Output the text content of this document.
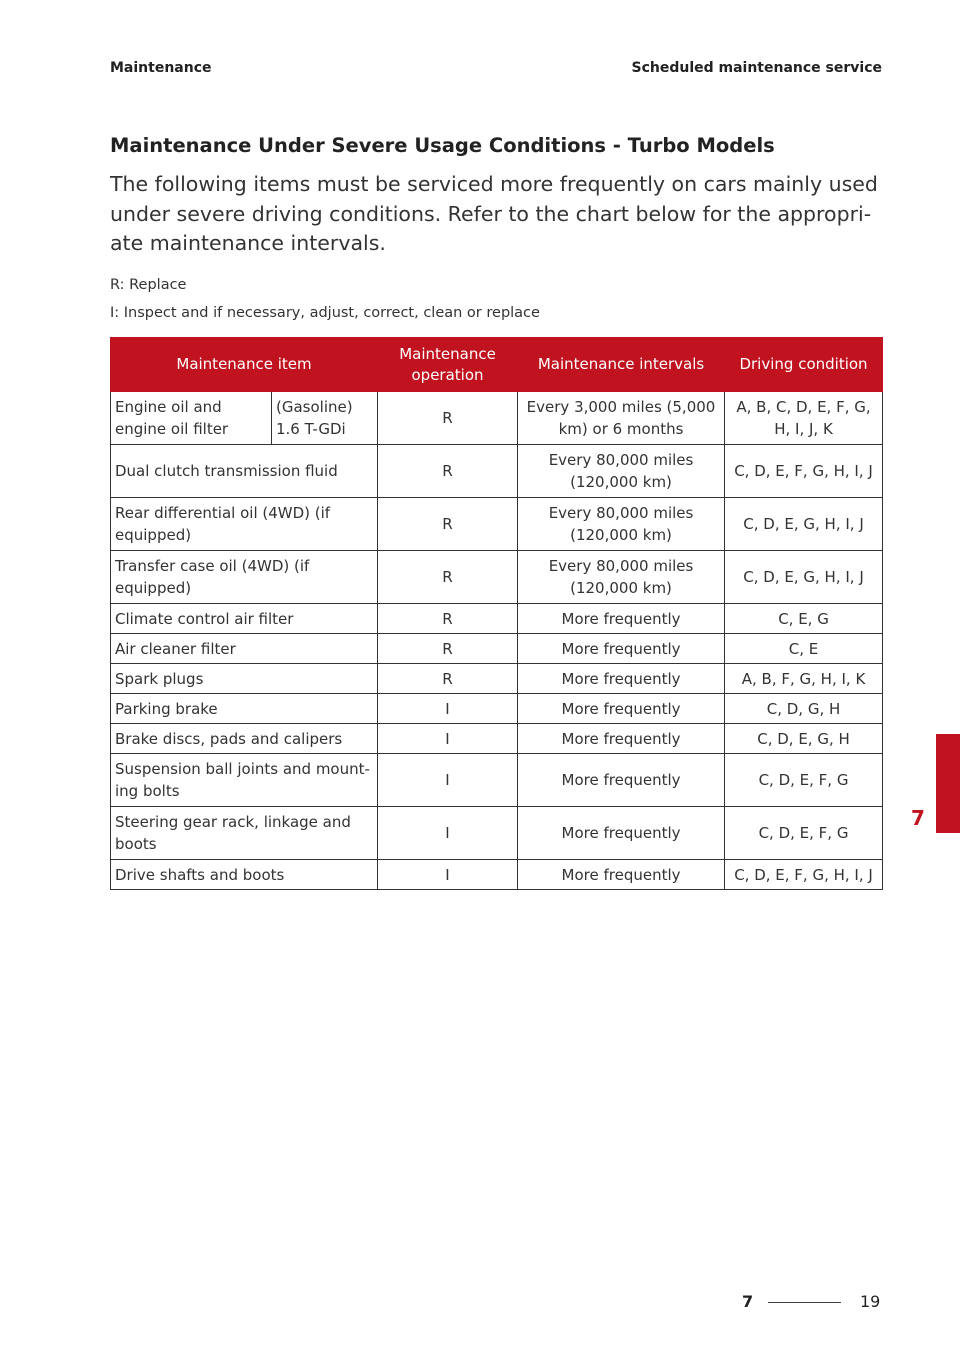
Maintenance	Scheduled maintenance service
Maintenance Under Severe Usage Conditions - Turbo Models
The following items must be serviced more frequently on cars mainly used under severe driving conditions. Refer to the chart below for the appropri-ate maintenance intervals.
R: Replace
I: Inspect and if necessary, adjust, correct, clean or replace
Maintenance item		Maintenance operation	Maintenance intervals	Driving condition
Engine oil and engine oil filter	(Gasoline) 1.6 T-GDi	R	Every 3,000 miles (5,000 km) or 6 months	A, B, C, D, E, F, G, H, I, J, K
Dual clutch transmission fluid		R	Every 80,000 miles (120,000 km)	C, D, E, F, G, H, I, J
Rear differential oil (4WD) (if equipped)		R	Every 80,000 miles (120,000 km)	C, D, E, G, H, I, J
Transfer case oil (4WD) (if equipped)		R	Every 80,000 miles (120,000 km)	C, D, E, G, H, I, J
Climate control air filter		R	More frequently	C, E, G
Air cleaner filter		R	More frequently	C, E
Spark plugs		R	More frequently	A, B, F, G, H, I, K
Parking brake		I	More frequently	C, D, G, H
Brake discs, pads and calipers		I	More frequently	C, D, E, G, H
Suspension ball joints and mount-ing bolts		I	More frequently	C, D, E, F, G
Steering gear rack, linkage and boots		I	More frequently	C, D, E, F, G
Drive shafts and boots		I	More frequently	C, D, E, F, G, H, I, J
7
7	19
